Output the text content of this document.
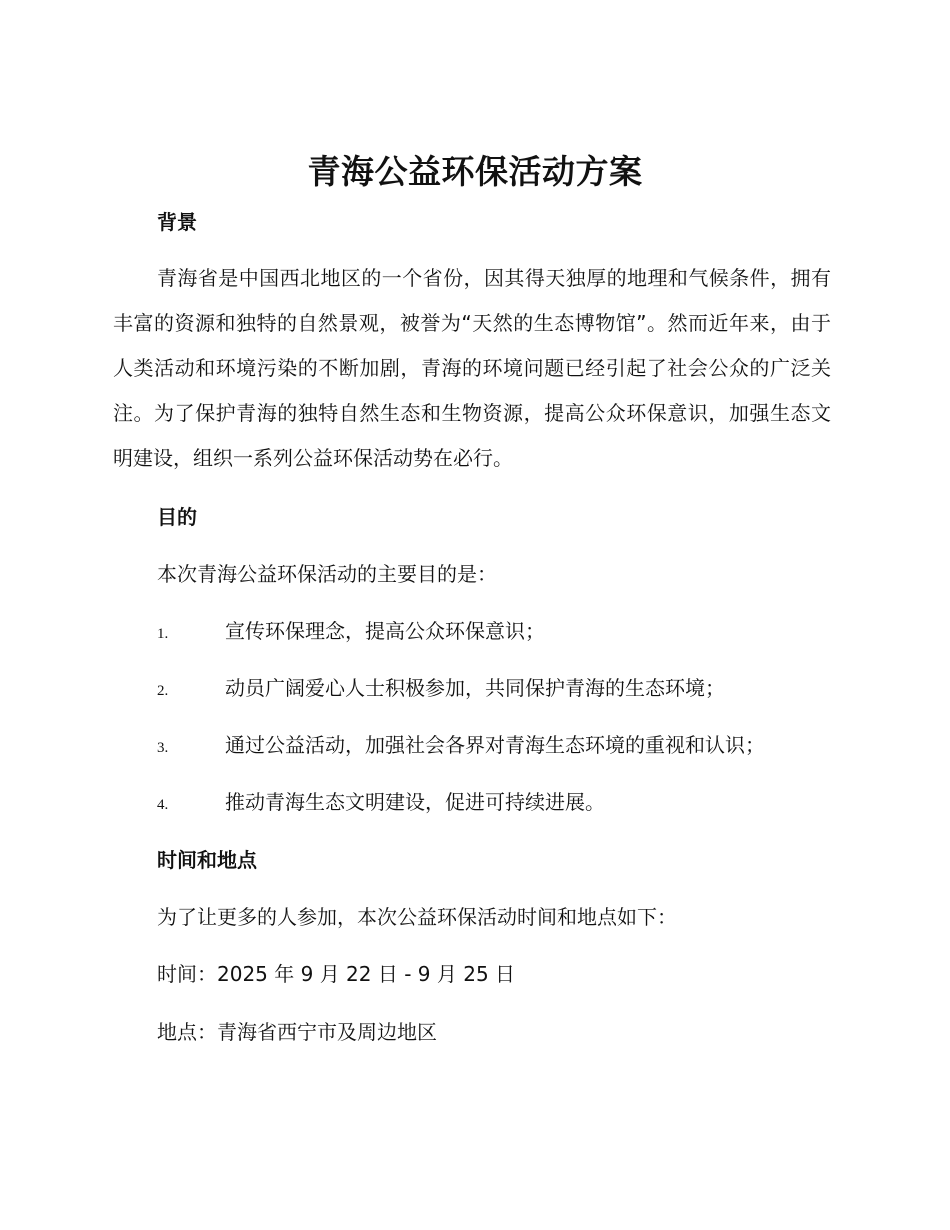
青海公益环保活动方案
背景
青海省是中国西北地区的一个省份，因其得天独厚的地理和气候条件，拥有丰富的资源和独特的自然景观，被誉为“天然的生态博物馆”。然而近年来，由于人类活动和环境污染的不断加剧，青海的环境问题已经引起了社会公众的广泛关注。为了保护青海的独特自然生态和生物资源，提高公众环保意识，加强生态文明建设，组织一系列公益环保活动势在必行。
目的
本次青海公益环保活动的主要目的是：
1.	宣传环保理念，提高公众环保意识；
2.	动员广阔爱心人士积极参加，共同保护青海的生态环境；
3.	通过公益活动，加强社会各界对青海生态环境的重视和认识；
4.	推动青海生态文明建设，促进可持续进展。
时间和地点
为了让更多的人参加，本次公益环保活动时间和地点如下：
时间：2025 年 9 月 22 日 - 9 月 25 日
地点：青海省西宁市及周边地区
